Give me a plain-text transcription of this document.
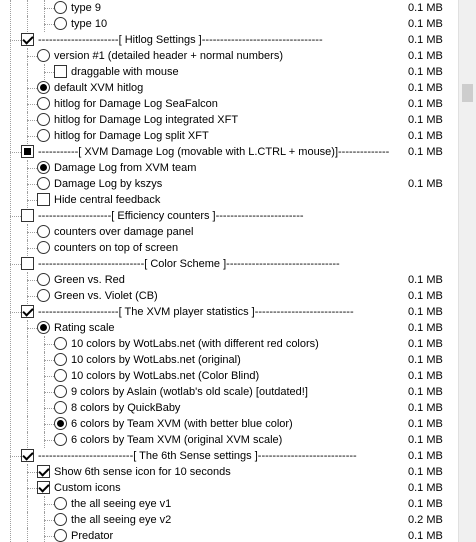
type 9	0.1 MB
type 10	0.1 MB
----------------------[ Hitlog Settings ]---------------------------------	0.1 MB
version #1 (detailed header + normal numbers)	0.1 MB
draggable with mouse	0.1 MB
default XVM hitlog	0.1 MB
hitlog for Damage Log SeaFalcon	0.1 MB
hitlog for Damage Log integrated XFT	0.1 MB
hitlog for Damage Log split XFT	0.1 MB
-----------[ XVM Damage Log (movable with L.CTRL + mouse)]-------------- 0.1 MB
Damage Log from XVM team
Damage Log by kszys	0.1 MB
Hide central feedback
--------------------[ Efficiency counters ]------------------------
counters over damage panel
counters on top of screen
-----------------------------[ Color Scheme ]-------------------------------
Green vs. Red	0.1 MB
Green vs. Violet (CB)	0.1 MB
----------------------[ The XVM player statistics ]---------------------------	0.1 MB
Rating scale	0.1 MB
10 colors by WotLabs.net (with different red colors)	0.1 MB
10 colors by WotLabs.net (original)	0.1 MB
10 colors by WotLabs.net (Color Blind)	0.1 MB
9 colors by Aslain (wotlab's old scale) [outdated!]	0.1 MB
8 colors by QuickBaby	0.1 MB
6 colors by Team XVM (with better blue color)	0.1 MB
6 colors by Team XVM (original XVM scale)	0.1 MB
--------------------------[ The 6th Sense settings ]---------------------------	0.1 MB
Show 6th sense icon for 10 seconds	0.1 MB
Custom icons	0.1 MB
the all seeing eye v1	0.1 MB
the all seeing eye v2	0.2 MB
Predator	0.1 MB
